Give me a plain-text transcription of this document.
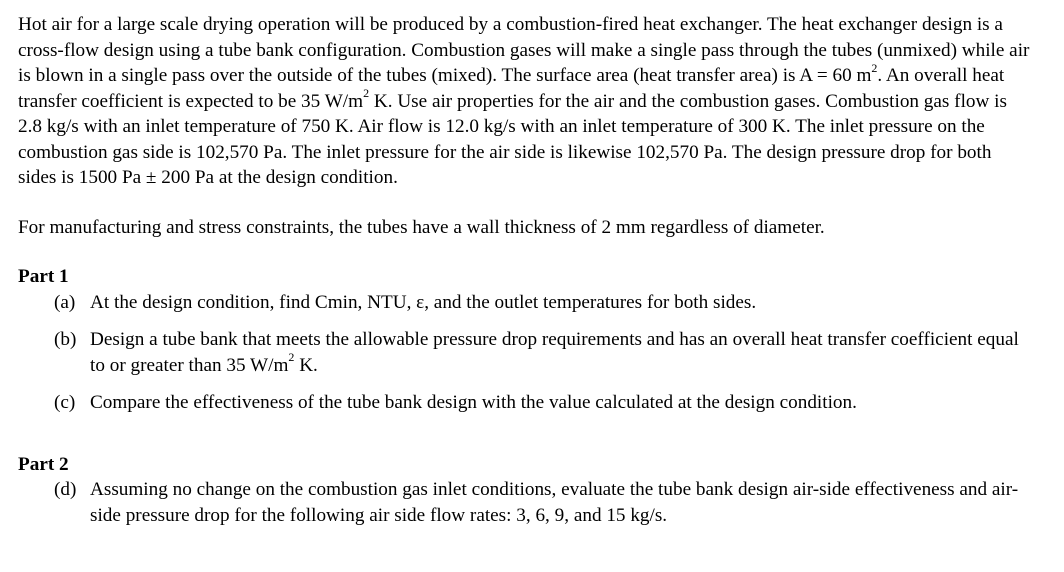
Hot air for a large scale drying operation will be produced by a combustion-fired heat exchanger. The heat exchanger design is a cross-flow design using a tube bank configuration. Combustion gases will make a single pass through the tubes (unmixed) while air is blown in a single pass over the outside of the tubes (mixed). The surface area (heat transfer area) is A = 60 $m^2$. An overall heat transfer coefficient is expected to be 35 $W/m^2$ K. Use air properties for the air and the combustion gases. Combustion gas flow is 2.8 kg/s with an inlet temperature of 750 K. Air flow is 12.0 kg/s with an inlet temperature of 300 K. The inlet pressure on the combustion gas side is 102,570 Pa. The inlet pressure for the air side is likewise 102,570 Pa. The design pressure drop for both sides is 1500 Pa ± 200 Pa at the design condition.

For manufacturing and stress constraints, the tubes have a wall thickness of 2 mm regardless of diameter.

Part 1

(a) At the design condition, find Cmin, NTU, ε, and the outlet temperatures for both sides.
(b) Design a tube bank that meets the allowable pressure drop requirements and has an overall heat transfer coefficient equal to or greater than 35 $W/m^2$ K.
(c) Compare the effectiveness of the tube bank design with the value calculated at the design condition.

Part 2

(d) Assuming no change on the combustion gas inlet conditions, evaluate the tube bank design air-side effectiveness and air-side pressure drop for the following air side flow rates: 3, 6, 9, and 15 kg/s.
